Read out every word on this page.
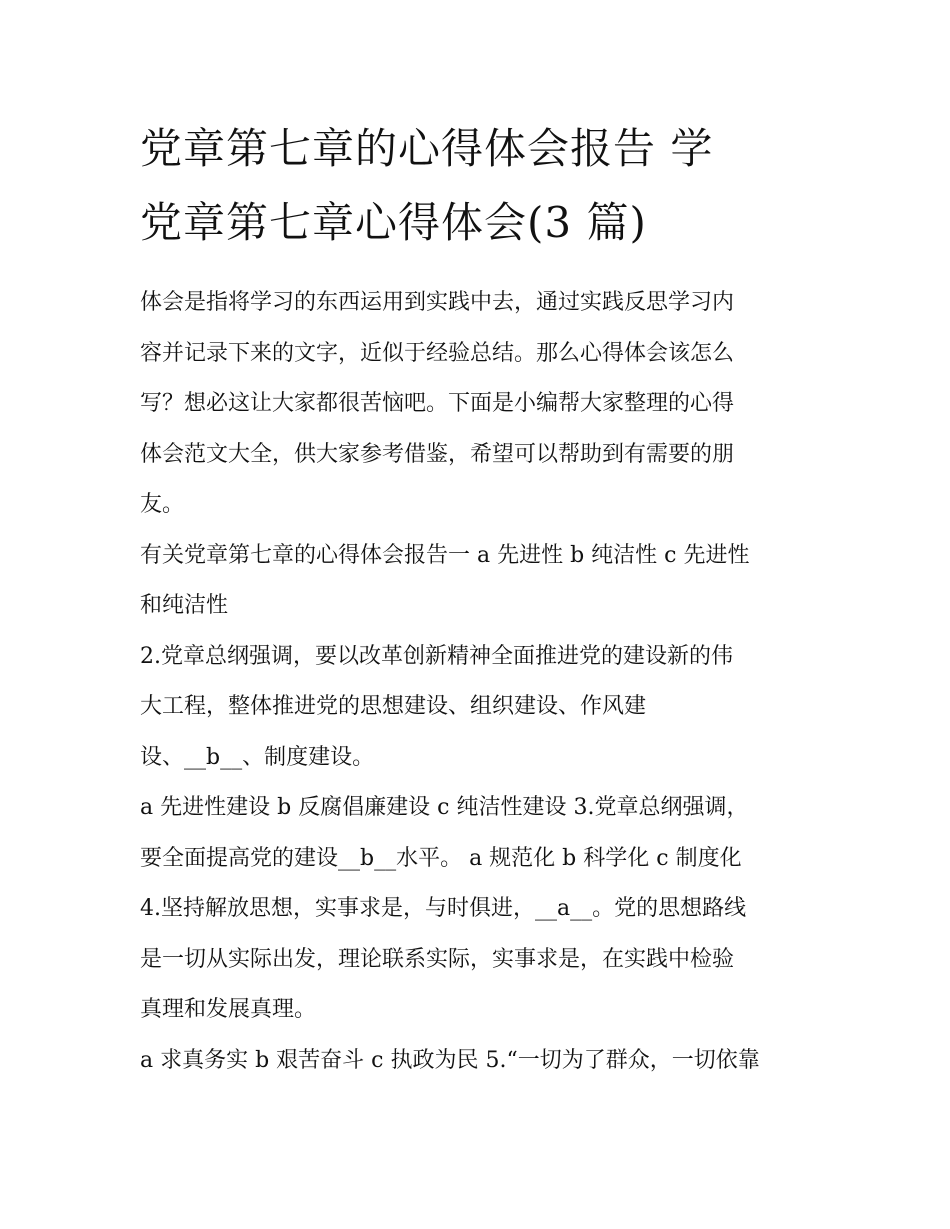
党章第七章的心得体会报告 学
党章第七章心得体会(3 篇)
体会是指将学习的东西运用到实践中去，通过实践反思学习内
容并记录下来的文字，近似于经验总结。那么心得体会该怎么
写？想必这让大家都很苦恼吧。下面是小编帮大家整理的心得
体会范文大全，供大家参考借鉴，希望可以帮助到有需要的朋
友。
有关党章第七章的心得体会报告一 a 先进性 b 纯洁性 c 先进性
和纯洁性
2.党章总纲强调，要以改革创新精神全面推进党的建设新的伟
大工程，整体推进党的思想建设、组织建设、作风建
设、__b__、制度建设。
a 先进性建设 b 反腐倡廉建设 c 纯洁性建设 3.党章总纲强调，
要全面提高党的建设__b__水平。 a 规范化 b 科学化 c 制度化
4.坚持解放思想，实事求是，与时俱进，__a__。党的思想路线
是一切从实际出发，理论联系实际，实事求是，在实践中检验
真理和发展真理。
a 求真务实 b 艰苦奋斗 c 执政为民 5.“一切为了群众，一切依靠
